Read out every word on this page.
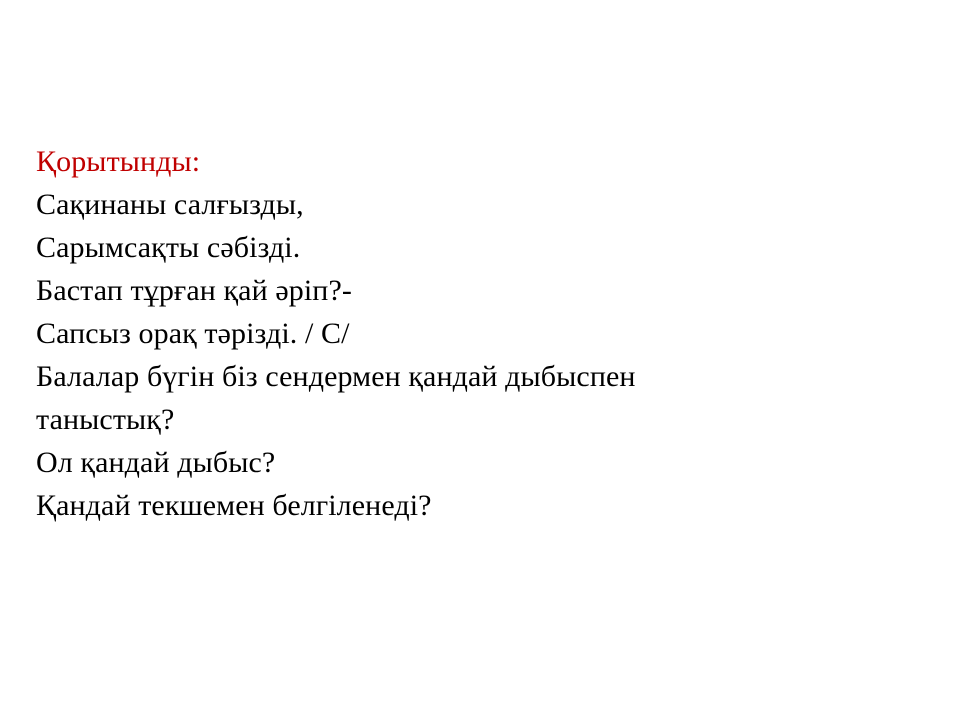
Қорытынды:
Сақинаны салғызды,
Сарымсақты сәбізді.
Бастап тұрған қай әріп?-
Сапсыз орақ тәрізді. / С/
Балалар бүгін біз сендермен қандай дыбыспен
таныстық?
Ол қандай дыбыс?
Қандай текшемен белгіленеді?
